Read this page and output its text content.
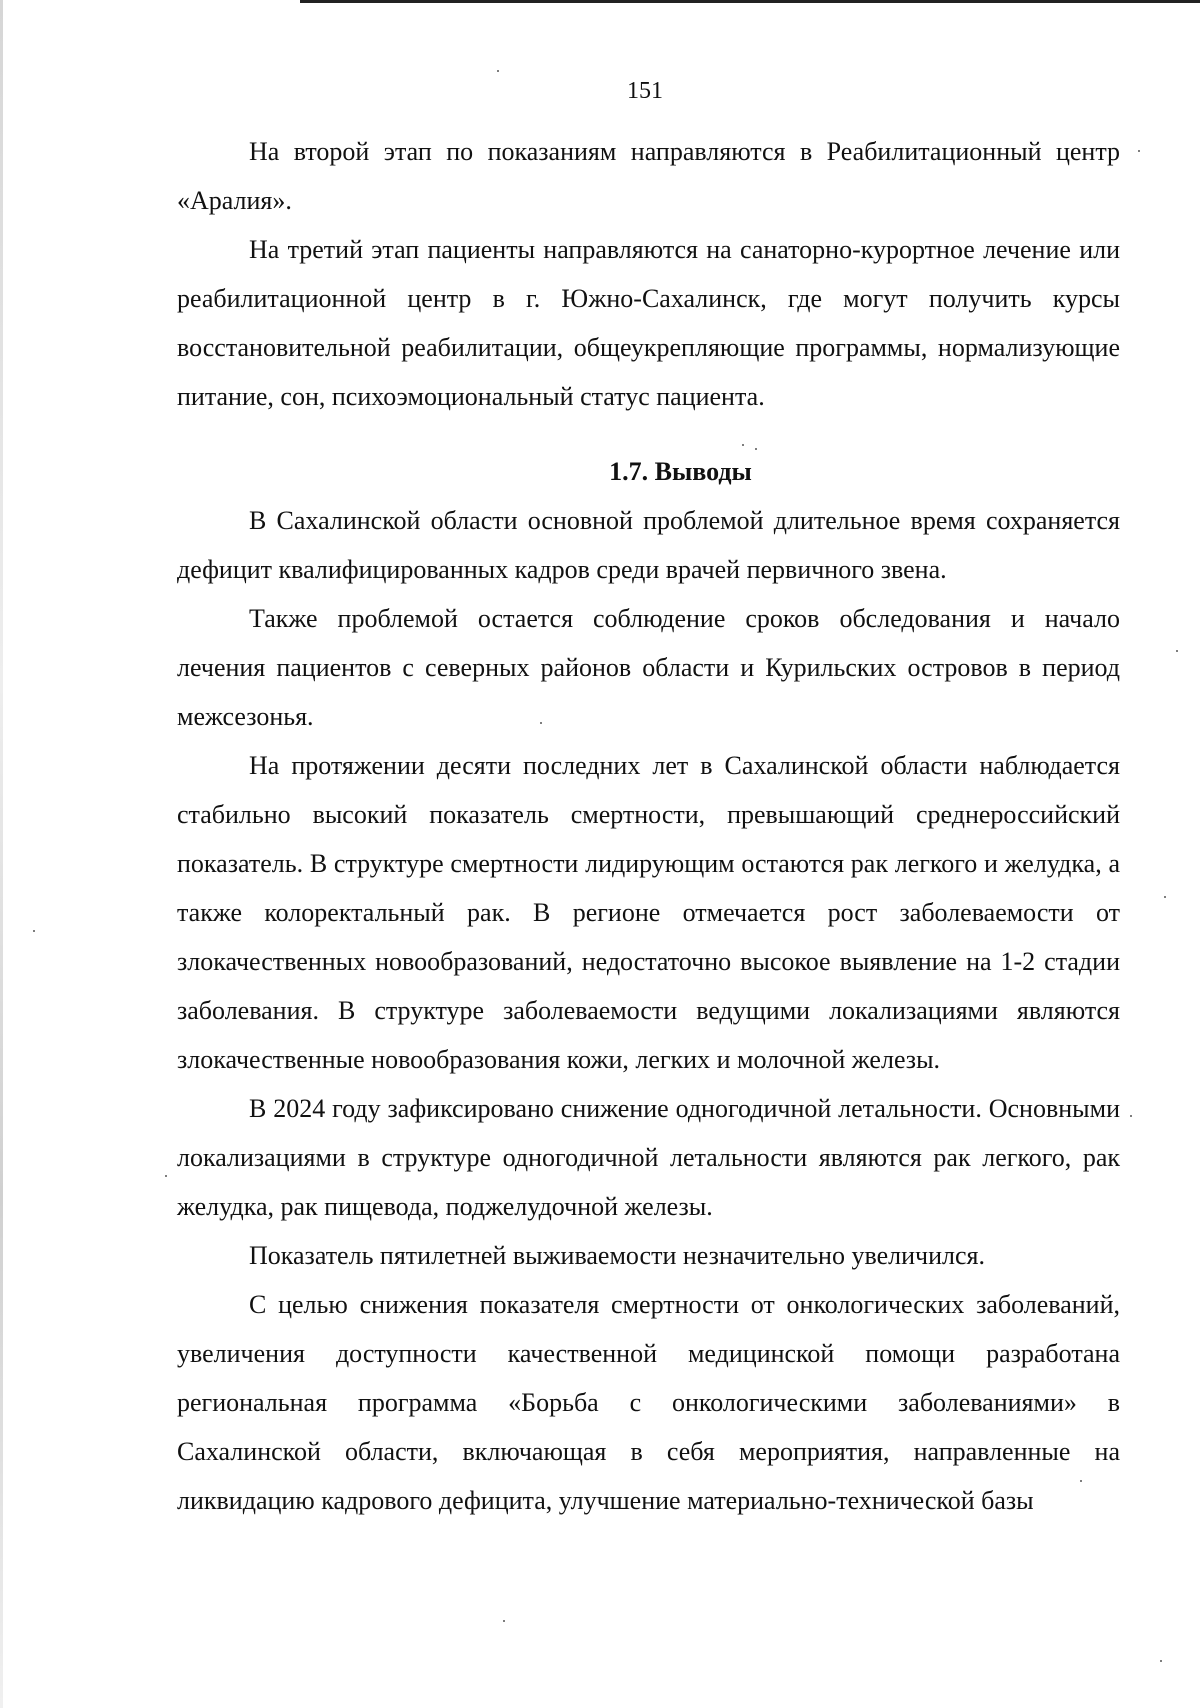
151

На второй этап по показаниям направляются в Реабилитационный центр «Аралия».

На третий этап пациенты направляются на санаторно-курортное лечение или реабилитационной центр в г. Южно-Сахалинск, где могут получить курсы восстановительной реабилитации, общеукрепляющие программы, нормализующие питание, сон, психоэмоциональный статус пациента.

1.7. Выводы

В Сахалинской области основной проблемой длительное время сохраняется дефицит квалифицированных кадров среди врачей первичного звена.

Также проблемой остается соблюдение сроков обследования и начало лечения пациентов с северных районов области и Курильских островов в период межсезонья.

На протяжении десяти последних лет в Сахалинской области наблюдается стабильно высокий показатель смертности, превышающий среднероссийский показатель. В структуре смертности лидирующим остаются рак легкого и желудка, а также колоректальный рак. В регионе отмечается рост заболеваемости от злокачественных новообразований, недостаточно высокое выявление на 1-2 стадии заболевания. В структуре заболеваемости ведущими локализациями являются злокачественные новообразования кожи, легких и молочной железы.

В 2024 году зафиксировано снижение одногодичной летальности. Основными локализациями в структуре одногодичной летальности являются рак легкого, рак желудка, рак пищевода, поджелудочной железы.

Показатель пятилетней выживаемости незначительно увеличился.

С целью снижения показателя смертности от онкологических заболеваний, увеличения доступности качественной медицинской помощи разработана региональная программа «Борьба с онкологическими заболеваниями» в Сахалинской области, включающая в себя мероприятия, направленные на ликвидацию кадрового дефицита, улучшение материально-технической базы
